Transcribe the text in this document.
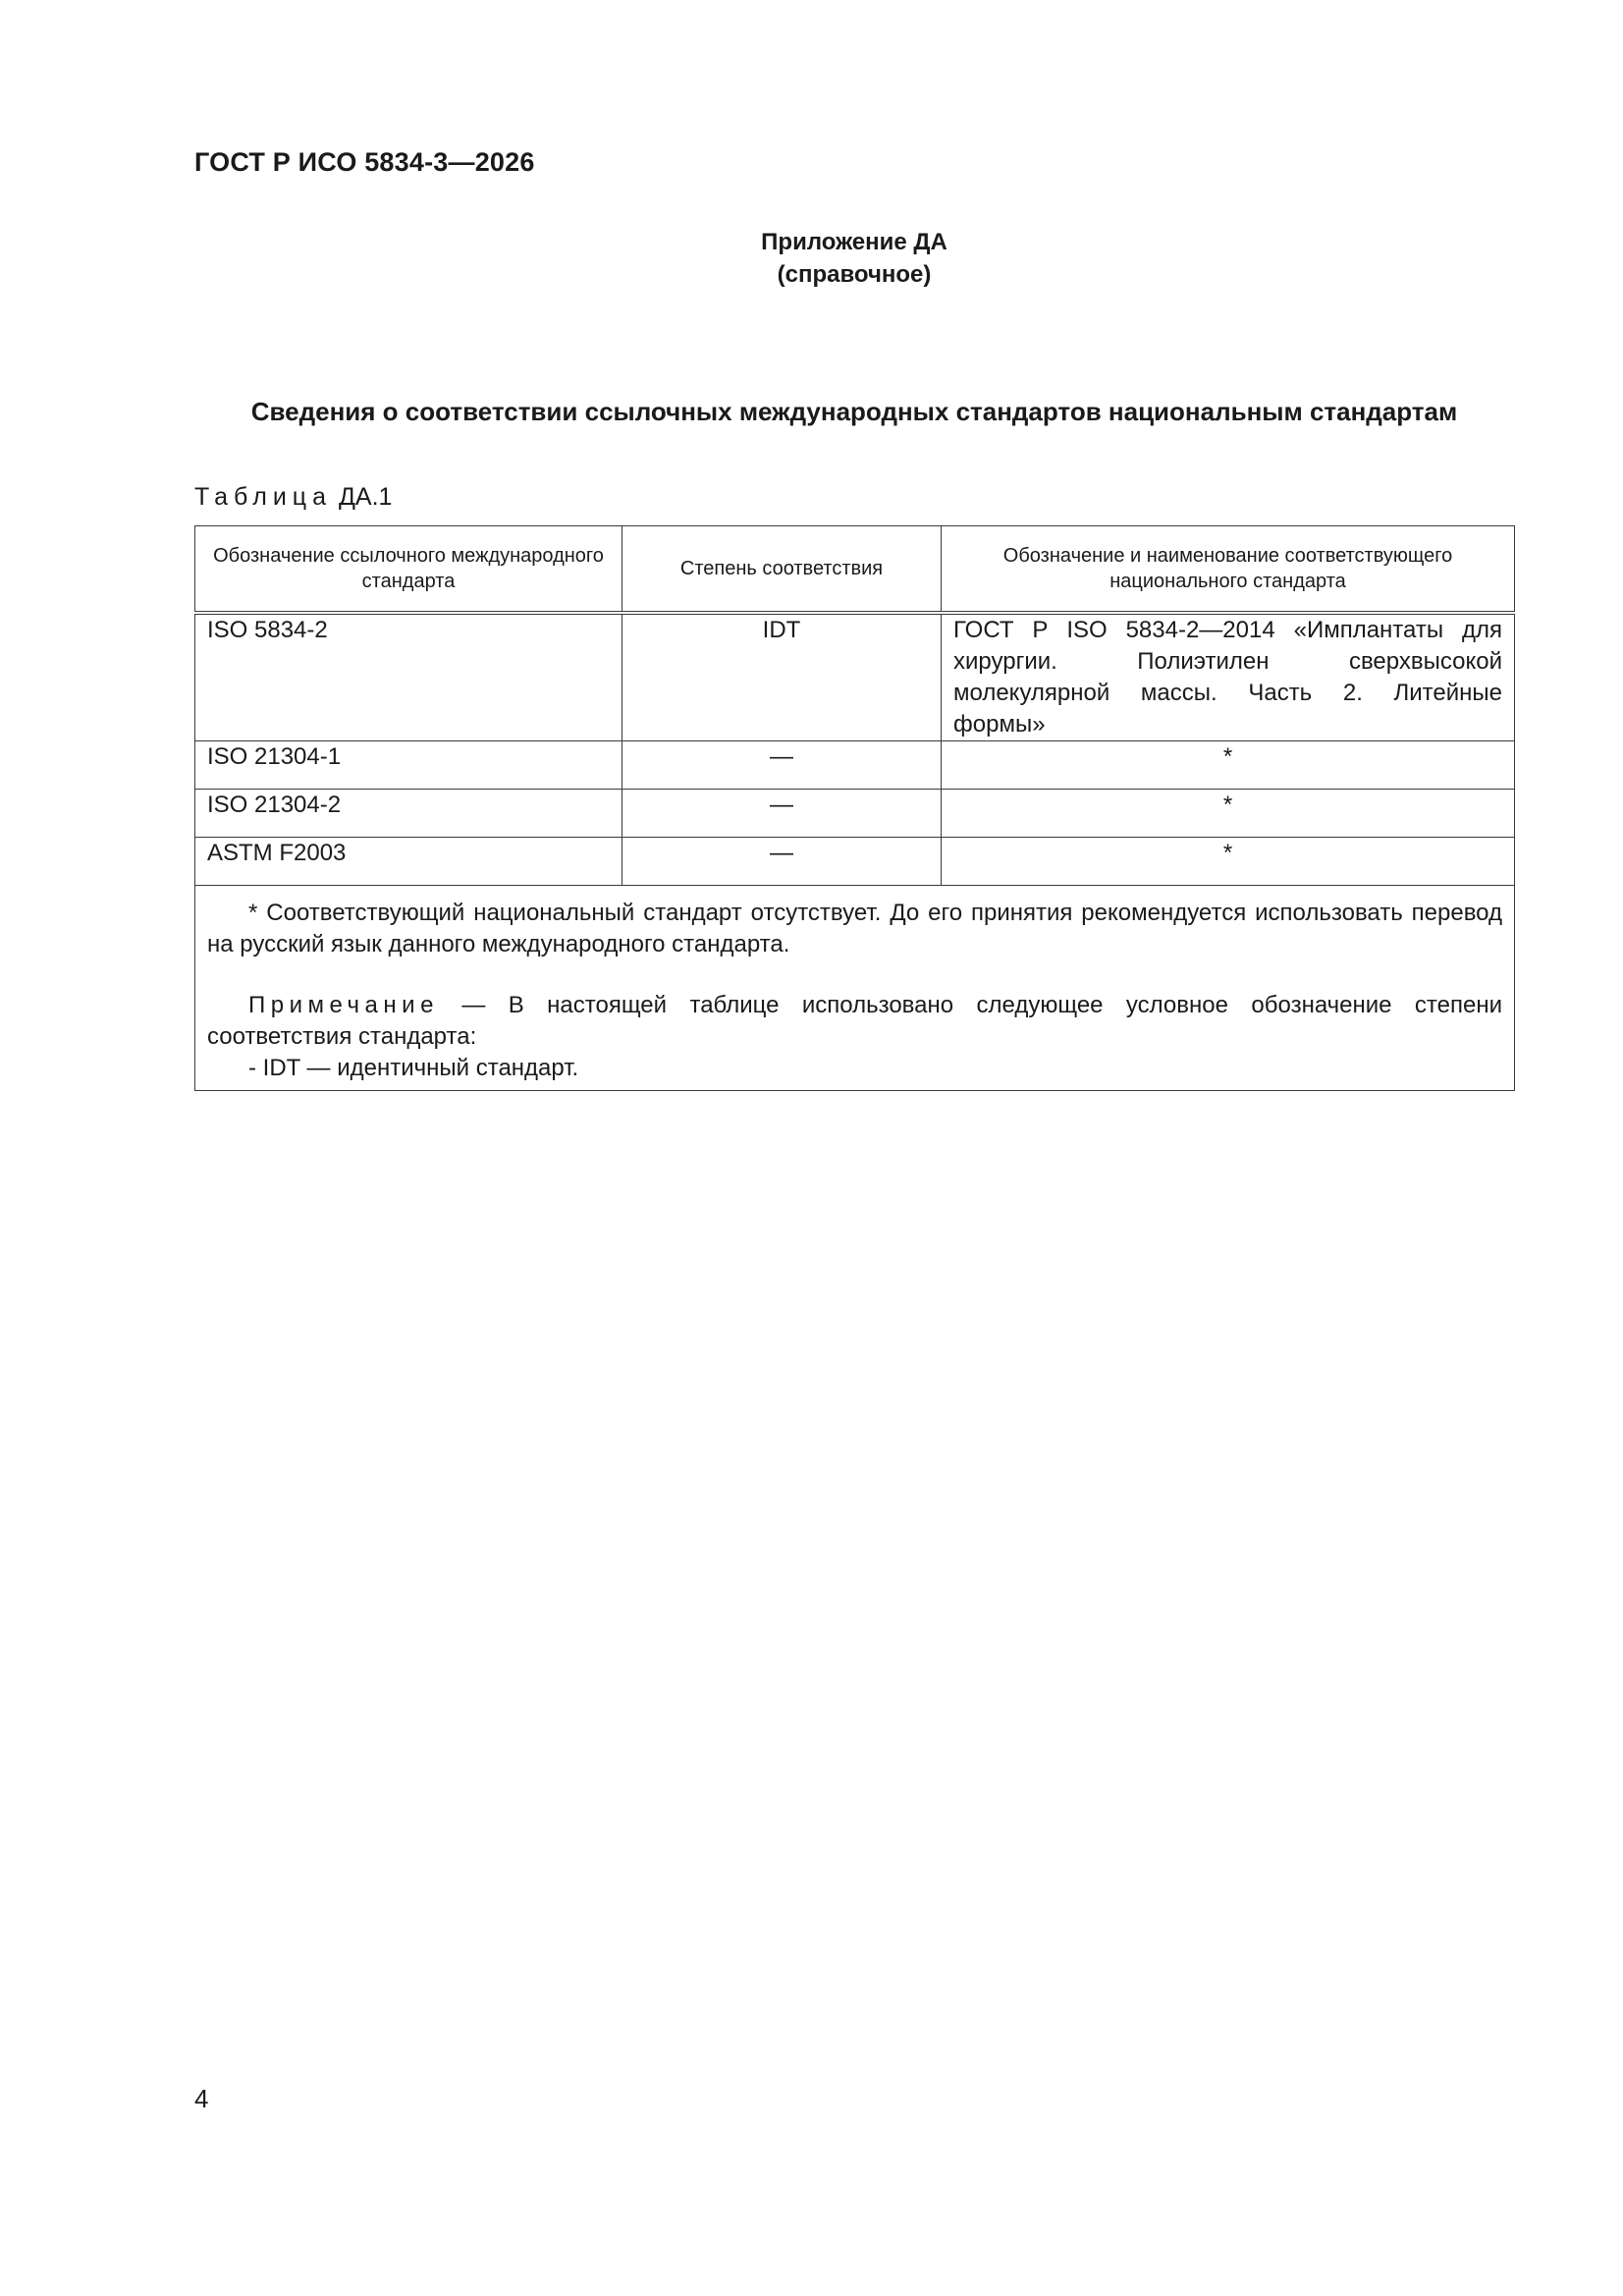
ГОСТ Р ИСО 5834-3—2026
Приложение ДА
(справочное)
Сведения о соответствии ссылочных международных стандартов национальным стандартам
Таблица ДА.1
Обозначение ссылочного международного стандарта	Степень соответствия	Обозначение и наименование соответствующего национального стандарта
ISO 5834-2	IDT	ГОСТ Р ISO 5834-2—2014 «Имплантаты для хирургии. Полиэтилен сверхвысокой молекулярной массы. Часть 2. Литейные формы»
ISO 21304-1	—	*
ISO 21304-2	—	*
ASTM F2003	—	*

* Соответствующий национальный стандарт отсутствует. До его принятия рекомендуется использовать перевод на русский язык данного международного стандарта.

Примечание — В настоящей таблице использовано следующее условное обозначение степени соответствия стандарта:

- IDT — идентичный стандарт.		

4
